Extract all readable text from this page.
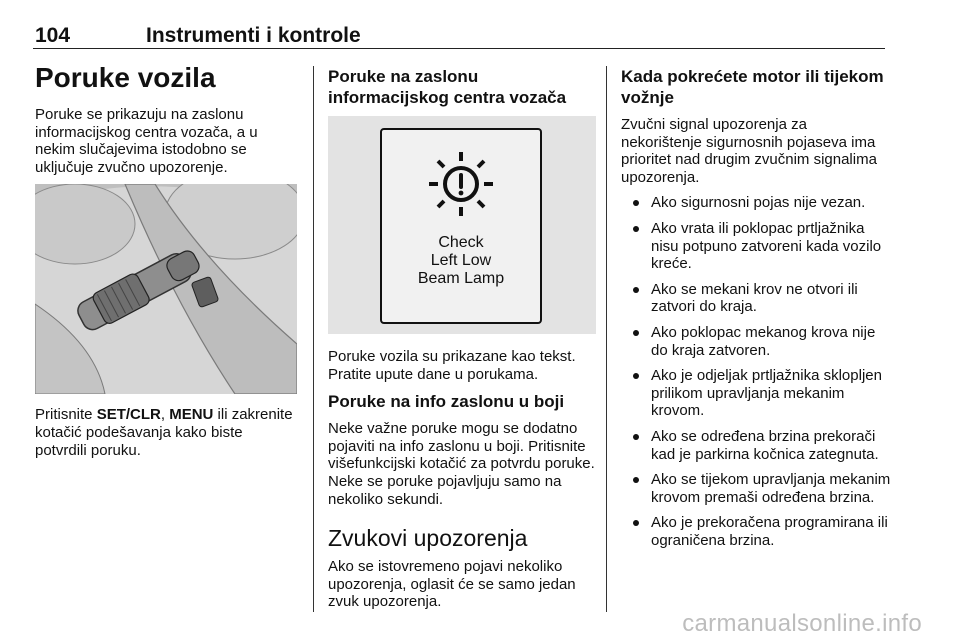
104	Instrumenti i kontrole
Poruke vozila

Poruke se prikazuju na zaslonu informacijskog centra vozača, a u nekim slučajevima istodobno se uključuje zvučno upozorenje.

Pritisnite SET/CLR, MENU ili zakrenite kotačić podešavanja kako biste potvrdili poruku.

Poruke na zaslonu informacijskog centra vozača
Check
Left Low
Beam Lamp

Poruke vozila su prikazane kao tekst. Pratite upute dane u porukama.

Poruke na info zaslonu u boji

Neke važne poruke mogu se dodatno pojaviti na info zaslonu u boji. Pritisnite višefunkcijski kotačić za potvrdu poruke. Neke se poruke pojavljuju samo na nekoliko sekundi.

Zvukovi upozorenja

Ako se istovremeno pojavi nekoliko upozorenja, oglasit će se samo jedan zvuk upozorenja.

Kada pokrećete motor ili tijekom vožnje

Zvučni signal upozorenja za nekorištenje sigurnosnih pojaseva ima prioritet nad drugim zvučnim signalima upozorenja.

Ako sigurnosni pojas nije vezan.
Ako vrata ili poklopac prtljažnika nisu potpuno zatvoreni kada vozilo kreće.
Ako se mekani krov ne otvori ili zatvori do kraja.
Ako poklopac mekanog krova nije do kraja zatvoren.
Ako je odjeljak prtljažnika sklopljen prilikom upravljanja mekanim krovom.
Ako se određena brzina prekorači kad je parkirna kočnica zategnuta.
Ako se tijekom upravljanja mekanim krovom premaši određena brzina.
Ako je prekoračena programirana ili ograničena brzina.
carmanualsonline.info
